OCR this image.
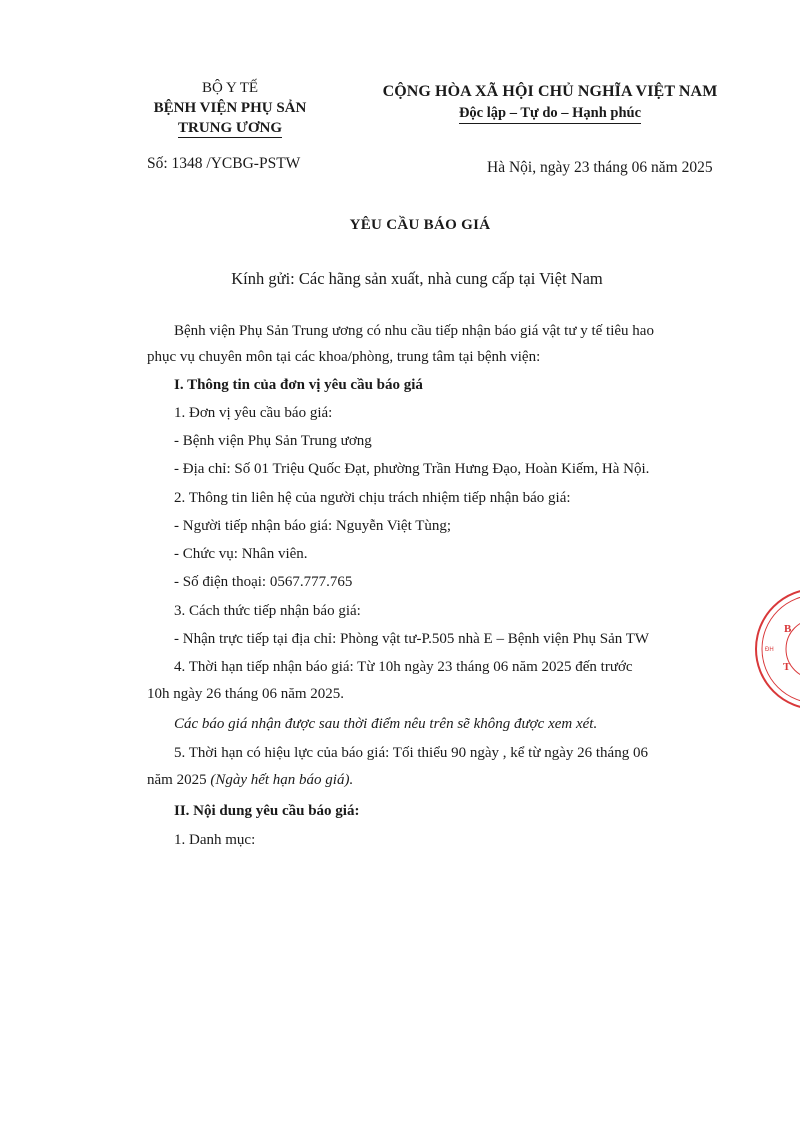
BỘ Y TẾ
BỆNH VIỆN PHỤ SẢN
TRUNG ƯƠNG
CỘNG HÒA XÃ HỘI CHỦ NGHĨA VIỆT NAM
Độc lập – Tự do – Hạnh phúc
Số: 1348 /YCBG-PSTW	Hà Nội, ngày 23 tháng 06 năm 2025
YÊU CẦU BÁO GIÁ
Kính gửi: Các hãng sản xuất, nhà cung cấp tại Việt Nam
Bệnh viện Phụ Sản Trung ương có nhu cầu tiếp nhận báo giá vật tư y tế tiêu hao
phục vụ chuyên môn tại các khoa/phòng, trung tâm tại bệnh viện:
I. Thông tin của đơn vị yêu cầu báo giá
1. Đơn vị yêu cầu báo giá:
- Bệnh viện Phụ Sản Trung ương
- Địa chỉ: Số 01 Triệu Quốc Đạt, phường Trần Hưng Đạo, Hoàn Kiếm, Hà Nội.
2. Thông tin liên hệ của người chịu trách nhiệm tiếp nhận báo giá:
- Người tiếp nhận báo giá: Nguyễn Việt Tùng;
- Chức vụ: Nhân viên.
- Số điện thoại: 0567.777.765
3. Cách thức tiếp nhận báo giá:
- Nhận trực tiếp tại địa chỉ: Phòng vật tư-P.505 nhà E – Bệnh viện Phụ Sản TW
4. Thời hạn tiếp nhận báo giá: Từ 10h ngày 23 tháng 06 năm 2025 đến trước
10h ngày 26 tháng 06 năm 2025.
Các báo giá nhận được sau thời điểm nêu trên sẽ không được xem xét.
5. Thời hạn có hiệu lực của báo giá: Tối thiểu 90 ngày , kể từ ngày 26 tháng 06
năm 2025 (Ngày hết hạn báo giá).
II. Nội dung yêu cầu báo giá:
1. Danh mục:
B
T
ĐH
